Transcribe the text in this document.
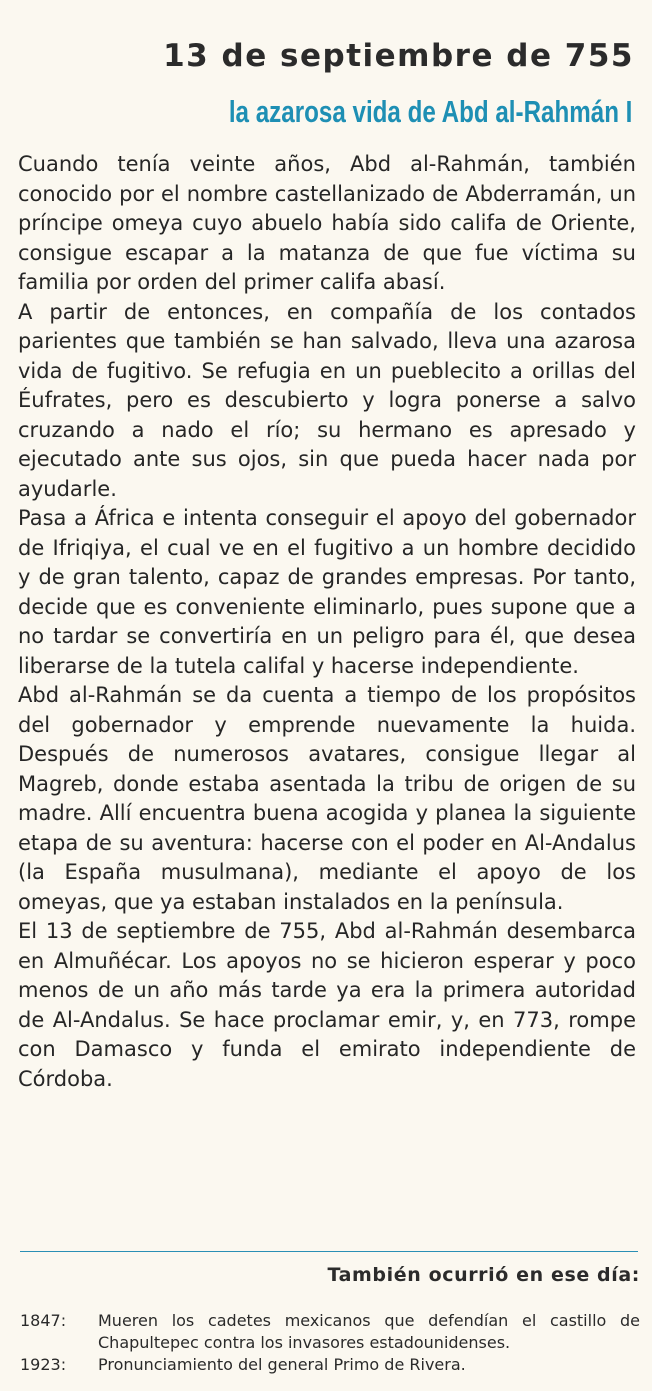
13 de septiembre de 755
la azarosa vida de Abd al-Rahmán I

Cuando tenía veinte años, Abd al-Rahmán, también conocido por el nombre castellanizado de Abderramán, un príncipe omeya cuyo abuelo había sido califa de Oriente, consigue escapar a la matanza de que fue víctima su familia por orden del primer califa abasí.

A partir de entonces, en compañía de los contados parientes que también se han salvado, lleva una azarosa vida de fugitivo. Se refugia en un pueblecito a orillas del Éufrates, pero es descubierto y logra ponerse a salvo cruzando a nado el río; su hermano es apresado y ejecutado ante sus ojos, sin que pueda hacer nada por ayudarle.

Pasa a África e intenta conseguir el apoyo del gobernador de Ifriqiya, el cual ve en el fugitivo a un hombre decidido y de gran talento, capaz de grandes empresas. Por tanto, decide que es conveniente eliminarlo, pues supone que a no tardar se convertiría en un peligro para él, que desea liberarse de la tutela califal y hacerse independiente.

Abd al-Rahmán se da cuenta a tiempo de los propósitos del gobernador y emprende nuevamente la huida. Después de numerosos avatares, consigue llegar al Magreb, donde estaba asentada la tribu de origen de su madre. Allí encuentra buena acogida y planea la siguiente etapa de su aventura: hacerse con el poder en Al-Andalus (la España musulmana), mediante el apoyo de los omeyas, que ya estaban instalados en la península.

El 13 de septiembre de 755, Abd al-Rahmán desembarca en Almuñécar. Los apoyos no se hicieron esperar y poco menos de un año más tarde ya era la primera autoridad de Al-Andalus. Se hace proclamar emir, y, en 773, rompe con Damasco y funda el emirato independiente de Córdoba.

También ocurrió en ese día:
1847:	Mueren los cadetes mexicanos que defendían el castillo de Chapultepec contra los invasores estadounidenses.
1923:	Pronunciamiento del general Primo de Rivera.
